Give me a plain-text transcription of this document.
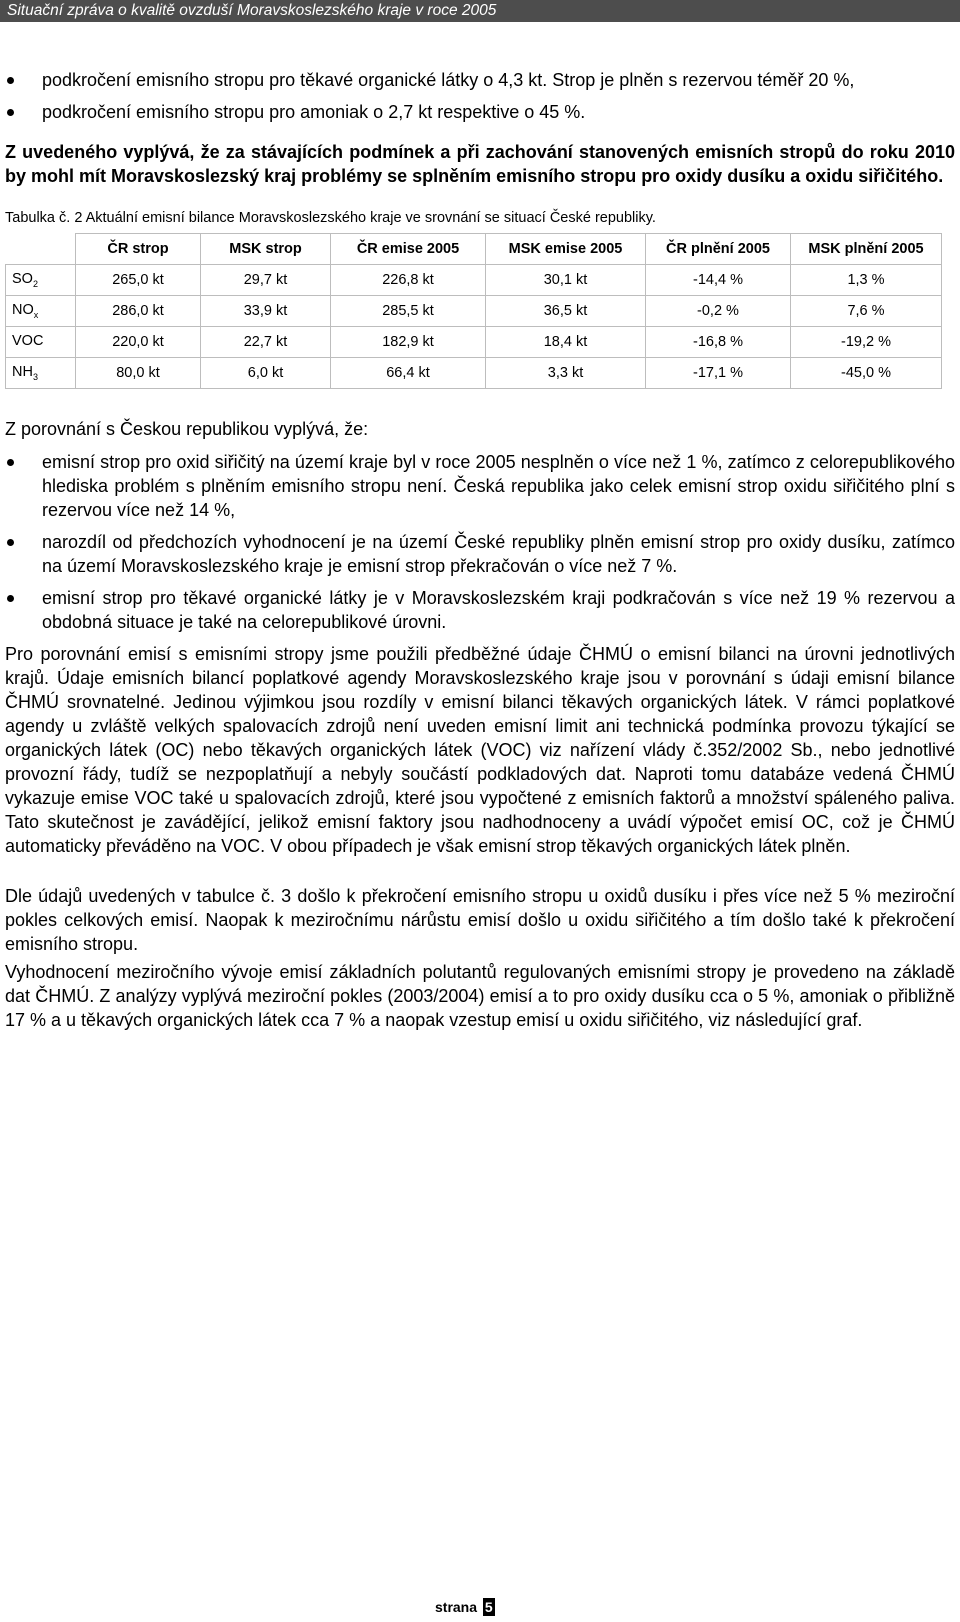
Situační zpráva o kvalitě ovzduší Moravskoslezského kraje v roce 2005
podkročení emisního stropu pro těkavé organické látky o 4,3 kt. Strop je plněn s rezervou téměř 20 %,
podkročení emisního stropu pro amoniak o 2,7 kt respektive o 45 %.

Z uvedeného vyplývá, že za stávajících podmínek a při zachování stanovených emisních stropů do roku 2010 by mohl mít Moravskoslezský kraj problémy se splněním emisního stropu pro oxidy dusíku a oxidu siřičitého.

Tabulka č. 2 Aktuální emisní bilance Moravskoslezského kraje ve srovnání se situací České republiky.

	ČR strop	MSK strop	ČR emise 2005	MSK emise 2005	ČR plnění 2005	MSK plnění 2005
$SO_2$	265,0 kt	29,7 kt	226,8 kt	30,1 kt	-14,4 %	1,3 %
$NO_x$	286,0 kt	33,9 kt	285,5 kt	36,5 kt	-0,2 %	7,6 %
VOC	220,0 kt	22,7 kt	182,9 kt	18,4 kt	-16,8 %	-19,2 %
$NH_3$	80,0 kt	6,0 kt	66,4 kt	3,3 kt	-17,1 %	-45,0 %

Z porovnání s Českou republikou vyplývá, že:

emisní strop pro oxid siřičitý na území kraje byl v roce 2005 nesplněn o více než 1 %, zatímco z celorepublikového hlediska problém s plněním emisního stropu není. Česká republika jako celek emisní strop oxidu siřičitého plní s rezervou více než 14 %,
narozdíl od předchozích vyhodnocení je na území České republiky plněn emisní strop pro oxidy dusíku, zatímco na území Moravskoslezského kraje je emisní strop překračován o více než 7 %.
emisní strop pro těkavé organické látky je v Moravskoslezském kraji podkračován s více než 19 % rezervou a obdobná situace je také na celorepublikové úrovni.

Pro porovnání emisí s emisními stropy jsme použili předběžné údaje ČHMÚ o emisní bilanci na úrovni jednotlivých krajů. Údaje emisních bilancí poplatkové agendy Moravskoslezského kraje jsou v porovnání s údaji emisní bilance ČHMÚ srovnatelné. Jedinou výjimkou jsou rozdíly v emisní bilanci těkavých organických látek. V rámci poplatkové agendy u zvláště velkých spalovacích zdrojů není uveden emisní limit ani technická podmínka provozu týkající se organických látek (OC) nebo těkavých organických látek (VOC) viz nařízení vlády č.352/2002 Sb., nebo jednotlivé provozní řády, tudíž se nezpoplatňují a nebyly součástí podkladových dat. Naproti tomu databáze vedená ČHMÚ vykazuje emise VOC také u spalovacích zdrojů, které jsou vypočtené z emisních faktorů a množství spáleného paliva. Tato skutečnost je zavádějící, jelikož emisní faktory jsou nadhodnoceny a uvádí výpočet emisí OC, což je ČHMÚ automaticky převáděno na VOC. V obou případech je však emisní strop těkavých organických látek plněn.

Dle údajů uvedených v tabulce č. 3 došlo k překročení emisního stropu u oxidů dusíku i přes více než 5 % meziroční pokles celkových emisí. Naopak k meziročnímu nárůstu emisí došlo u oxidu siřičitého a tím došlo také k překročení emisního stropu.

Vyhodnocení meziročního vývoje emisí základních polutantů regulovaných emisními stropy je provedeno na základě dat ČHMÚ. Z analýzy vyplývá meziroční pokles (2003/2004) emisí a to pro oxidy dusíku cca o 5 %, amoniak o přibližně 17 % a u těkavých organických látek cca 7 % a naopak vzestup emisí u oxidu siřičitého, viz následující graf.

strana 5
